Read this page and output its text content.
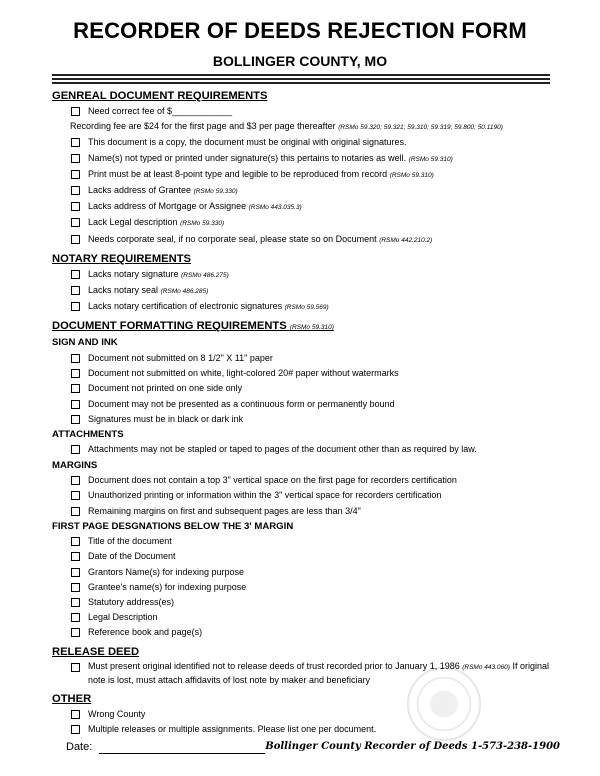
RECORDER OF DEEDS REJECTION FORM
BOLLINGER COUNTY, MO
GENREAL DOCUMENT REQUIREMENTS
Need correct fee of $____________
Recording fee are $24 for the first page and $3 per page thereafter (RSMo 59.320; 59.321; 59.310; 59.319; 59.800; 50.1190)
This document is a copy, the document must be original with original signatures.
Name(s) not typed or printed under signature(s) this pertains to notaries as well. (RSMo 59.310)
Print must be at least 8-point type and legible to be reproduced from record (RSMo 59.310)
Lacks address of Grantee (RSMo 59.330)
Lacks address of Mortgage or Assignee (RSMo 443.035.3)
Lack Legal description (RSMo 59.330)
Needs corporate seal, if no corporate seal, please state so on Document (RSMo 442.210.2)
NOTARY REQUIREMENTS
Lacks notary signature (RSMo 486.275)
Lacks notary seal (RSMo 486.285)
Lacks notary certification of electronic signatures (RSMo 59.569)
DOCUMENT FORMATTING REQUIREMENTS (RSMo 59.310)
SIGN AND INK
Document not submitted on 8 1/2" X 11" paper
Document not submitted on white, light-colored 20# paper without watermarks
Document not printed on one side only
Document may not be presented as a continuous form or permanently bound
Signatures must be in black or dark ink
ATTACHMENTS
Attachments may not be stapled or taped to pages of the document other than as required by law.
MARGINS
Document does not contain a top 3" vertical space on the first page for recorders certification
Unauthorized printing or information within the 3" vertical space for recorders certification
Remaining margins on first and subsequent pages are less than 3/4"
FIRST PAGE DESGNATIONS BELOW THE 3' MARGIN
Title of the document
Date of the Document
Grantors Name(s) for indexing purpose
Grantee's name(s) for indexing purpose
Statutory address(es)
Legal Description
Reference book and page(s)
RELEASE DEED
Must present original identified not to release deeds of trust recorded prior to January 1, 1986 (RSMo 443.060) If original note is lost, must attach affidavits of lost note by maker and beneficiary
OTHER
Wrong County
Multiple releases or multiple assignments. Please list one per document.
Date:	Bollinger County Recorder of Deeds 1-573-238-1900
